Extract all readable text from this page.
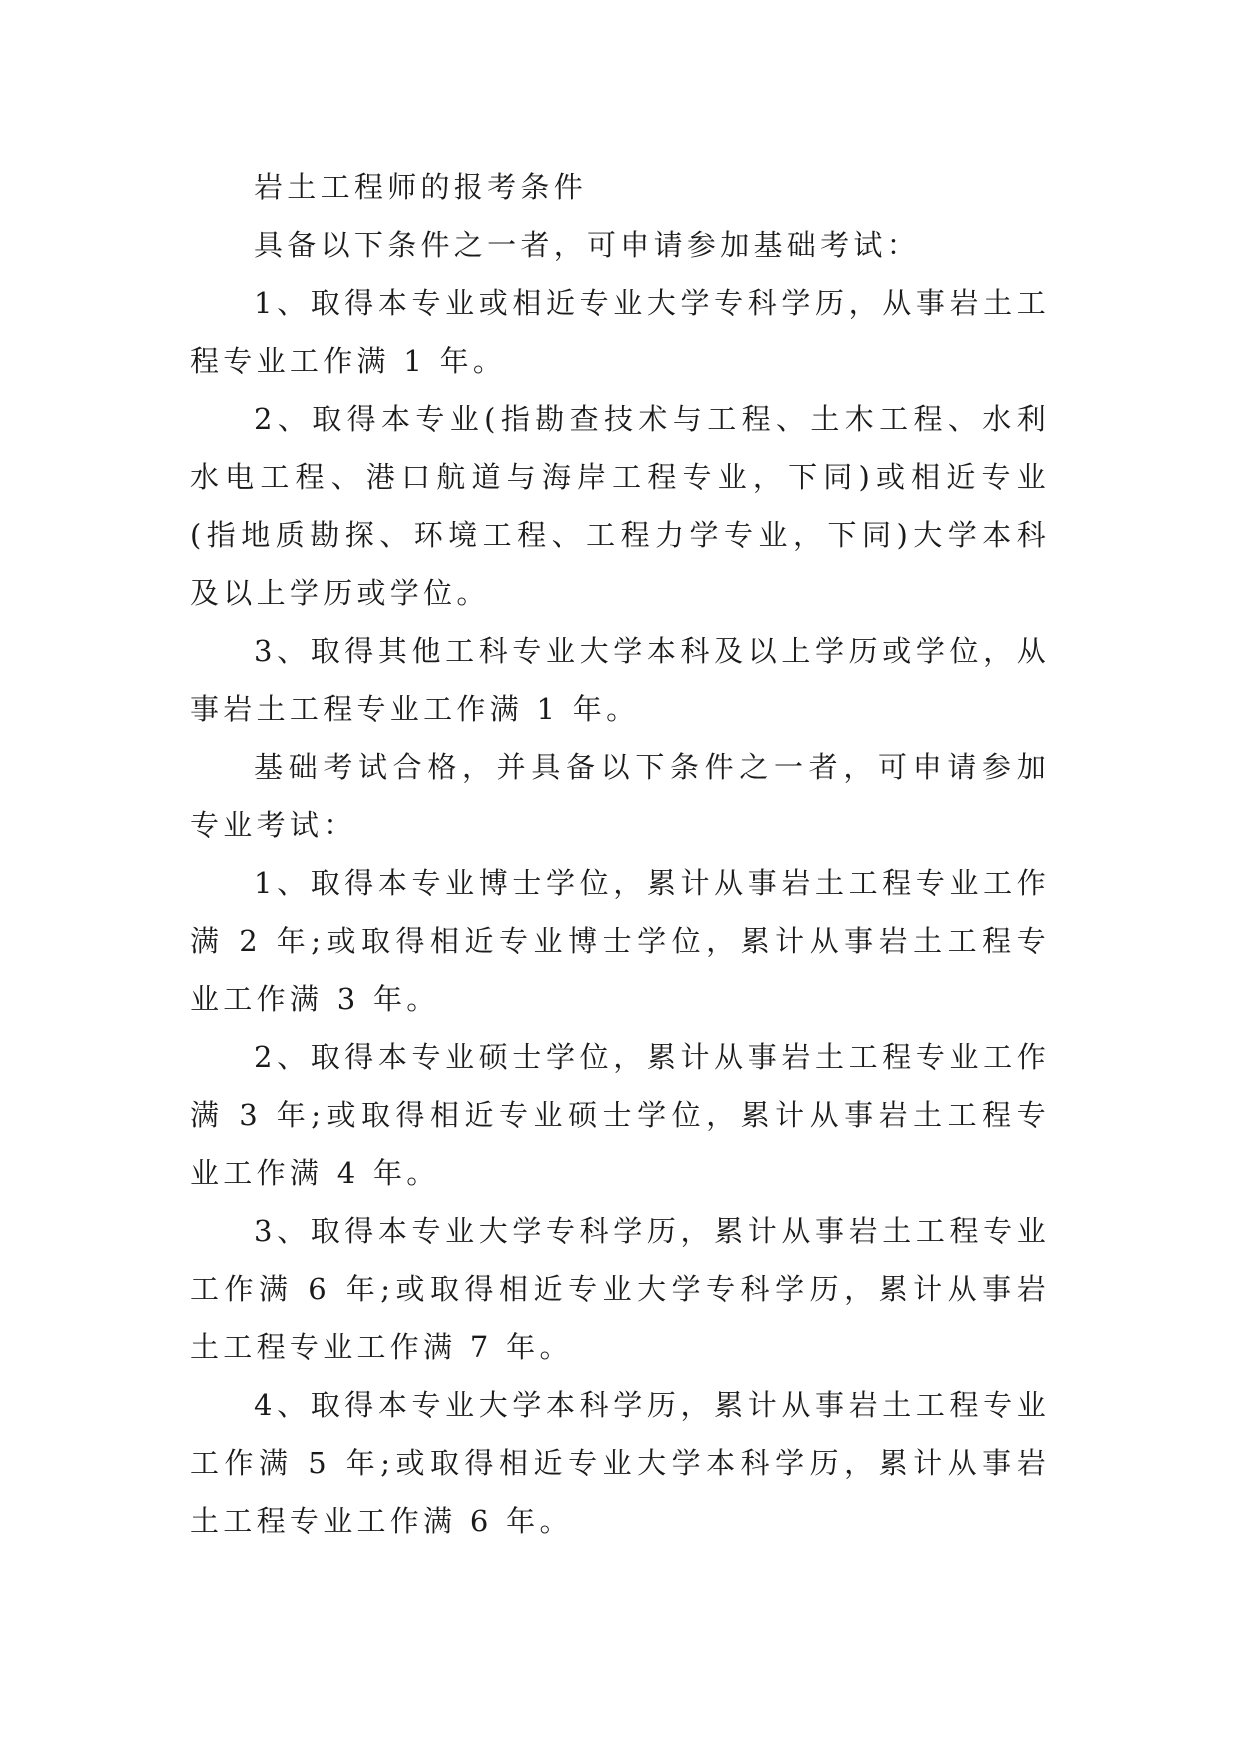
岩土工程师的报考条件

具备以下条件之一者，可申请参加基础考试：

1、取得本专业或相近专业大学专科学历，从事岩土工程专业工作满 1 年。

2、取得本专业(指勘查技术与工程、土木工程、水利水电工程、港口航道与海岸工程专业，下同)或相近专业(指地质勘探、环境工程、工程力学专业，下同)大学本科及以上学历或学位。

3、取得其他工科专业大学本科及以上学历或学位，从事岩土工程专业工作满 1 年。

基础考试合格，并具备以下条件之一者，可申请参加专业考试：

1、取得本专业博士学位，累计从事岩土工程专业工作满 2 年;或取得相近专业博士学位，累计从事岩土工程专业工作满 3 年。

2、取得本专业硕士学位，累计从事岩土工程专业工作满 3 年;或取得相近专业硕士学位，累计从事岩土工程专业工作满 4 年。

3、取得本专业大学专科学历，累计从事岩土工程专业工作满 6 年;或取得相近专业大学专科学历，累计从事岩土工程专业工作满 7 年。

4、取得本专业大学本科学历，累计从事岩土工程专业工作满 5 年;或取得相近专业大学本科学历，累计从事岩土工程专业工作满 6 年。
